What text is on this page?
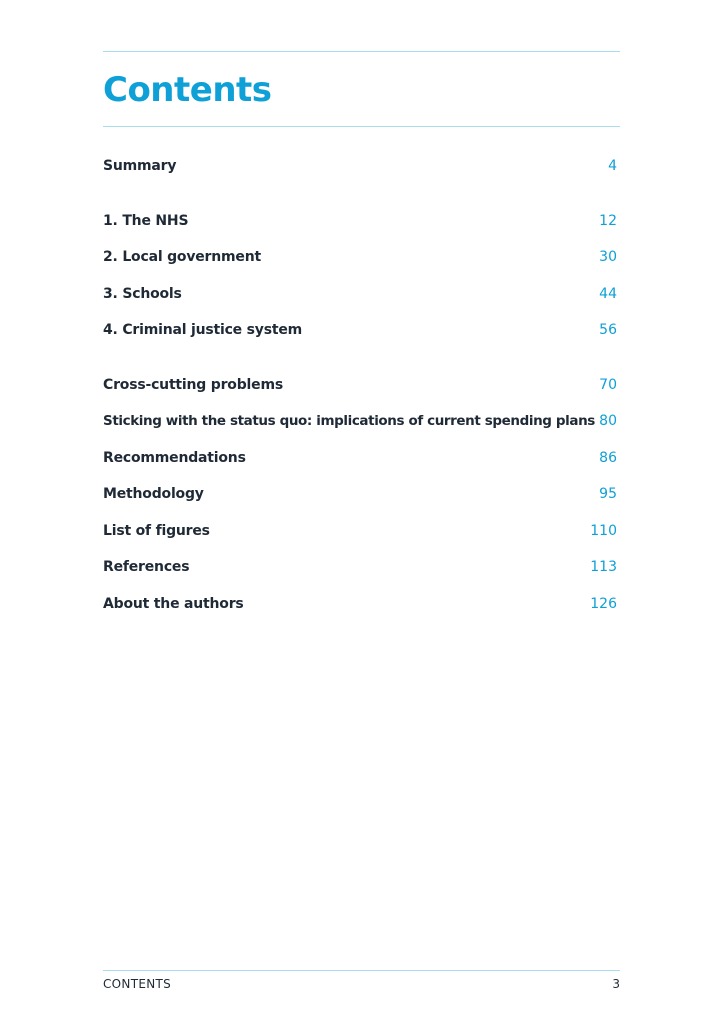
Contents
Summary	4
1. The NHS	12
2. Local government	30
3. Schools	44
4. Criminal justice system	56
Cross-cutting problems	70
Sticking with the status quo: implications of current spending plans 80
Recommendations	86
Methodology	95
List of figures	110
References	113
About the authors	126
CONTENTS	3
